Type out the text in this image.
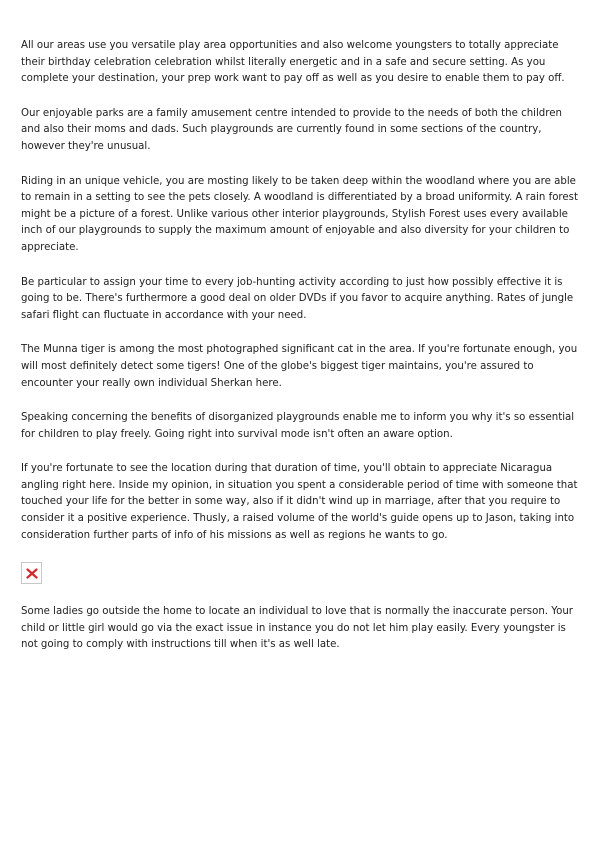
All our areas use you versatile play area opportunities and also welcome youngsters to totally appreciate their birthday celebration celebration whilst literally energetic and in a safe and secure setting. As you complete your destination, your prep work want to pay off as well as you desire to enable them to pay off.

Our enjoyable parks are a family amusement centre intended to provide to the needs of both the children and also their moms and dads. Such playgrounds are currently found in some sections of the country, however they're unusual.

Riding in an unique vehicle, you are mosting likely to be taken deep within the woodland where you are able to remain in a setting to see the pets closely. A woodland is differentiated by a broad uniformity. A rain forest might be a picture of a forest. Unlike various other interior playgrounds, Stylish Forest uses every available inch of our playgrounds to supply the maximum amount of enjoyable and also diversity for your children to appreciate.

Be particular to assign your time to every job-hunting activity according to just how possibly effective it is going to be. There's furthermore a good deal on older DVDs if you favor to acquire anything. Rates of jungle safari flight can fluctuate in accordance with your need.

The Munna tiger is among the most photographed significant cat in the area. If you're fortunate enough, you will most definitely detect some tigers! One of the globe's biggest tiger maintains, you're assured to encounter your really own individual Sherkan here.

Speaking concerning the benefits of disorganized playgrounds enable me to inform you why it's so essential for children to play freely. Going right into survival mode isn't often an aware option.

If you're fortunate to see the location during that duration of time, you'll obtain to appreciate Nicaragua angling right here. Inside my opinion, in situation you spent a considerable period of time with someone that touched your life for the better in some way, also if it didn't wind up in marriage, after that you require to consider it a positive experience. Thusly, a raised volume of the world's guide opens up to Jason, taking into consideration further parts of info of his missions as well as regions he wants to go.

Some ladies go outside the home to locate an individual to love that is normally the inaccurate person. Your child or little girl would go via the exact issue in instance you do not let him play easily. Every youngster is not going to comply with instructions till when it's as well late.
